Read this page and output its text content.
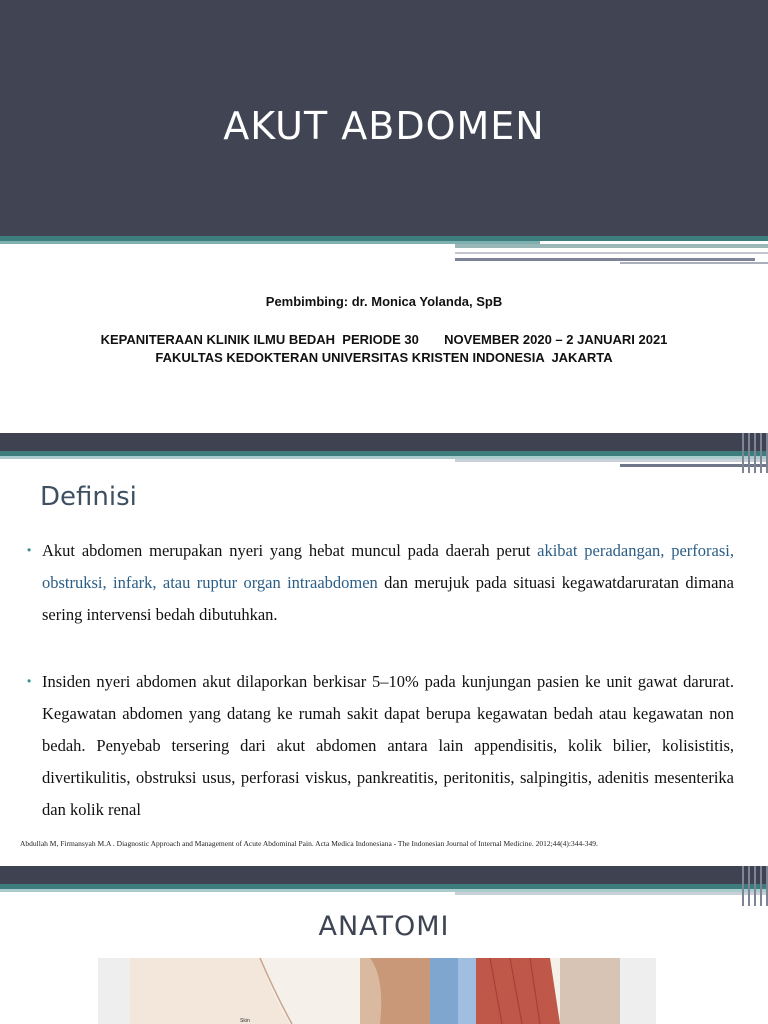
AKUT ABDOMEN

Pembimbing: dr. Monica Yolanda, SpB

KEPANITERAAN KLINIK ILMU BEDAH  PERIODE 30       NOVEMBER 2020 – 2 JANUARI 2021

FAKULTAS KEDOKTERAN UNIVERSITAS KRISTEN INDONESIA  JAKARTA

Definisi
• Akut abdomen merupakan nyeri yang hebat muncul pada daerah perut akibat peradangan, perforasi, obstruksi, infark, atau ruptur organ intraabdomen dan merujuk pada situasi kegawatdaruratan dimana sering intervensi bedah dibutuhkan.

• Insiden nyeri abdomen akut dilaporkan berkisar 5–10% pada kunjungan pasien ke unit gawat darurat. Kegawatan abdomen yang datang ke rumah sakit dapat berupa kegawatan bedah atau kegawatan non bedah. Penyebab tersering dari akut abdomen antara lain appendisitis, kolik bilier, kolisistitis, divertikulitis, obstruksi usus, perforasi viskus, pankreatitis, peritonitis, salpingitis, adenitis mesenterika dan kolik renal

Abdullah M, Firmansyah M.A . Diagnostic Approach and Management of Acute Abdominal Pain. Acta Medica Indonesiana - The Indonesian Journal of Internal Medicine. 2012;44(4):344-349.

ANATOMI
Skin
